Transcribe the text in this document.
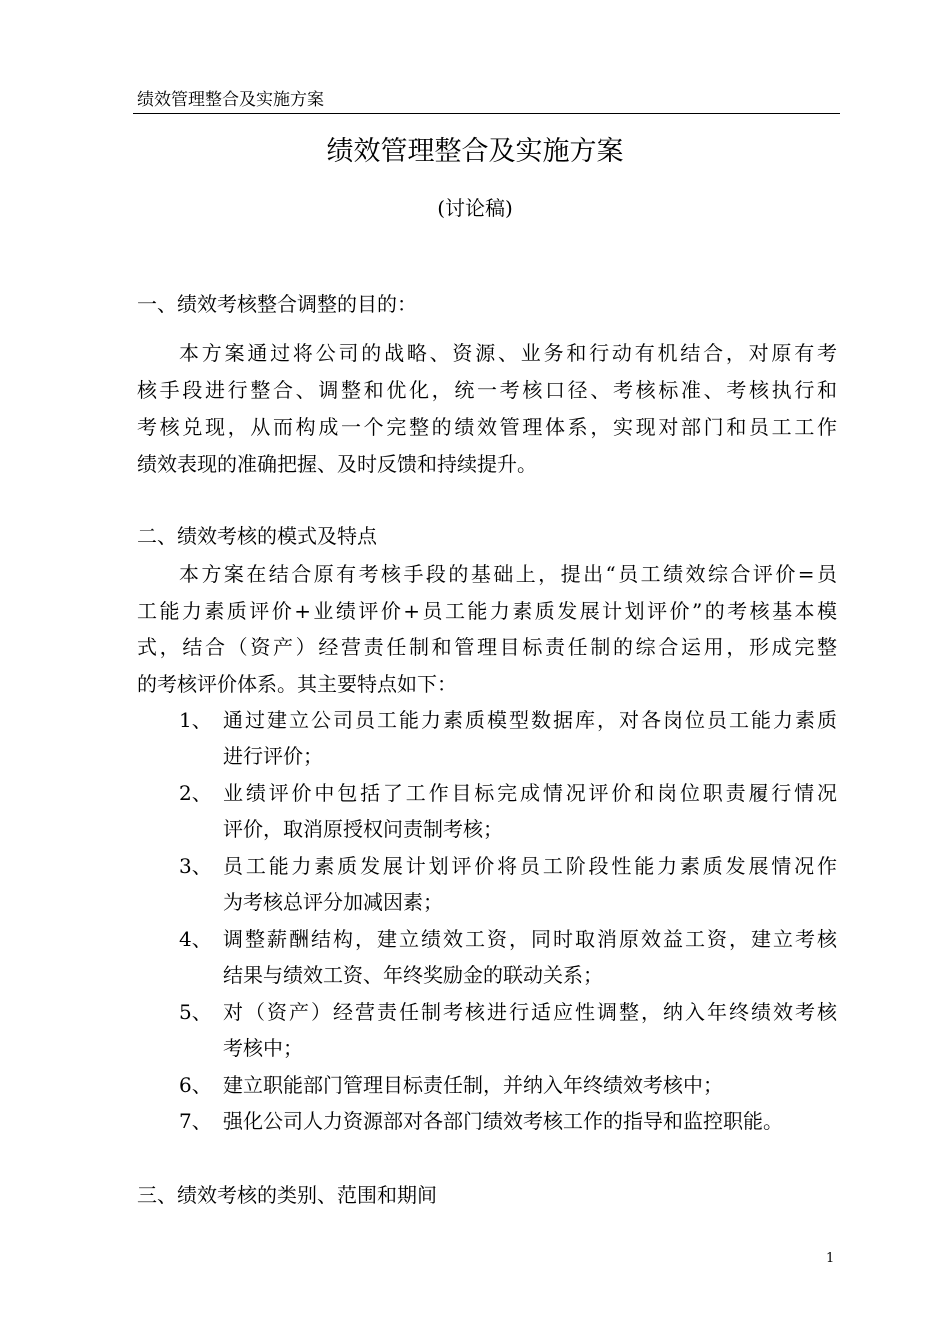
绩效管理整合及实施方案
绩效管理整合及实施方案
(讨论稿)
一、绩效考核整合调整的目的：
本方案通过将公司的战略、资源、业务和行动有机结合，对原有考
核手段进行整合、调整和优化，统一考核口径、考核标准、考核执行和
考核兑现，从而构成一个完整的绩效管理体系，实现对部门和员工工作
绩效表现的准确把握、及时反馈和持续提升。
二、绩效考核的模式及特点
本方案在结合原有考核手段的基础上，提出“员工绩效综合评价=员
工能力素质评价+业绩评价+员工能力素质发展计划评价”的考核基本模
式，结合（资产）经营责任制和管理目标责任制的综合运用，形成完整
的考核评价体系。其主要特点如下：
1、 通过建立公司员工能力素质模型数据库，对各岗位员工能力素质
进行评价；
2、 业绩评价中包括了工作目标完成情况评价和岗位职责履行情况
评价，取消原授权问责制考核；
3、 员工能力素质发展计划评价将员工阶段性能力素质发展情况作
为考核总评分加减因素；
4、 调整薪酬结构，建立绩效工资，同时取消原效益工资，建立考核
结果与绩效工资、年终奖励金的联动关系；
5、 对（资产）经营责任制考核进行适应性调整，纳入年终绩效考核
考核中；
6、 建立职能部门管理目标责任制，并纳入年终绩效考核中；
7、 强化公司人力资源部对各部门绩效考核工作的指导和监控职能。
三、绩效考核的类别、范围和期间
1
